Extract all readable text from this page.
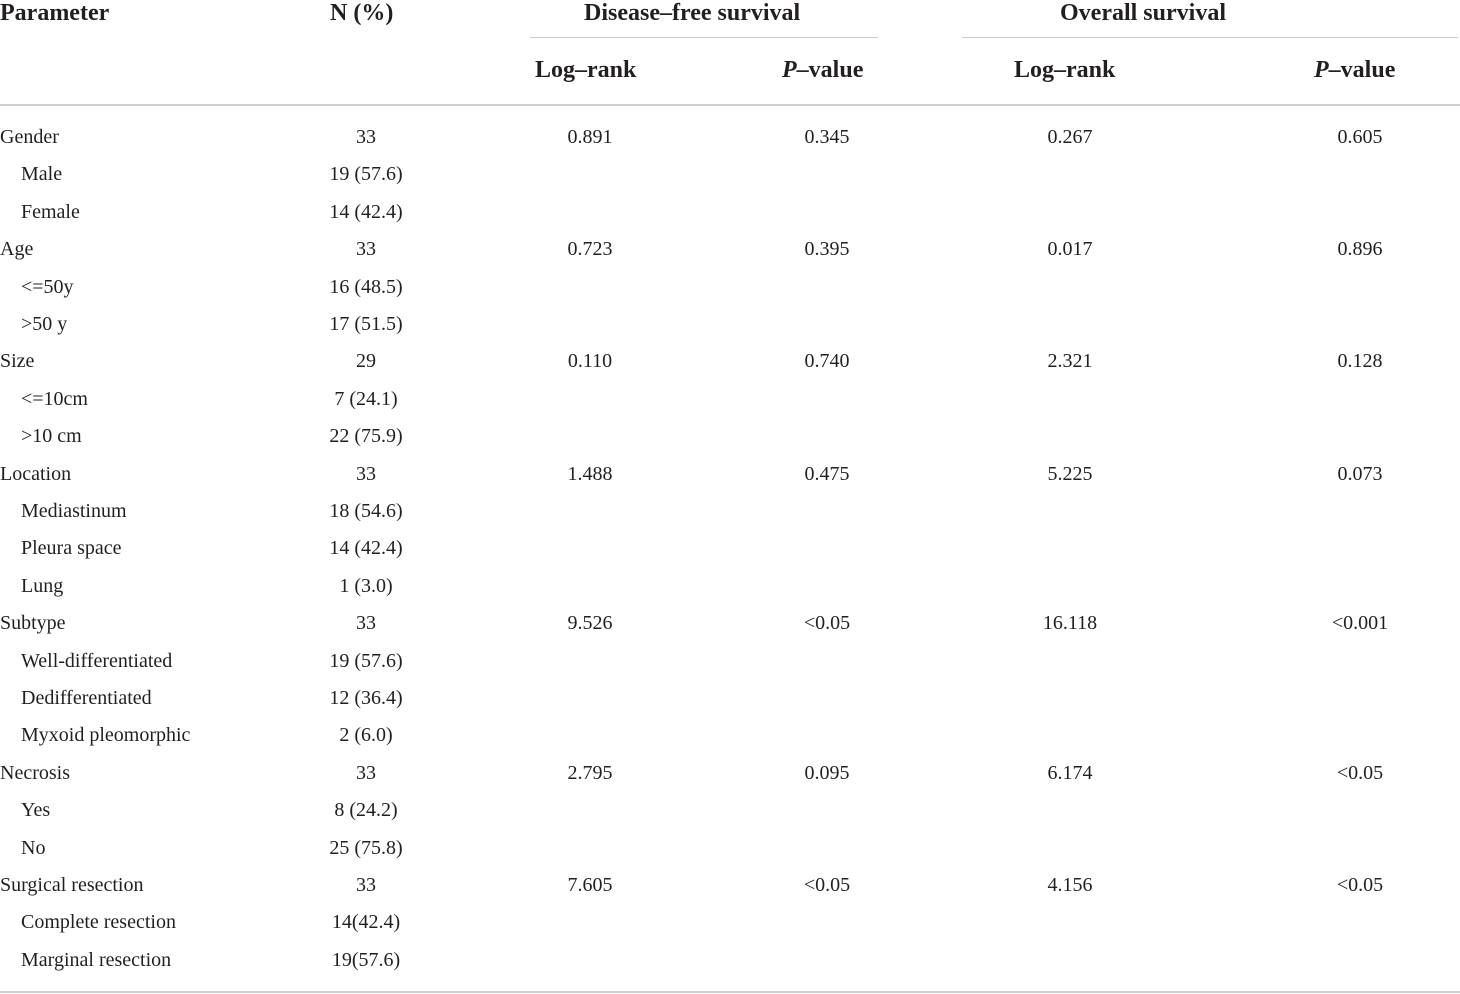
Parameter	N (%)	Disease–free survival	Overall survival
Log–rank	P–value	Log–rank	P–value
Gender	33	0.891	0.345	0.267	0.605
Male	19 (57.6)
Female	14 (42.4)
Age	33	0.723	0.395	0.017	0.896
<=50y	16 (48.5)
>50 y	17 (51.5)
Size	29	0.110	0.740	2.321	0.128
<=10cm	7 (24.1)
>10 cm	22 (75.9)
Location	33	1.488	0.475	5.225	0.073
Mediastinum	18 (54.6)
Pleura space	14 (42.4)
Lung	1 (3.0)
Subtype	33	9.526	<0.05	16.118	<0.001
Well-differentiated	19 (57.6)
Dedifferentiated	12 (36.4)
Myxoid pleomorphic	2 (6.0)
Necrosis	33	2.795	0.095	6.174	<0.05
Yes	8 (24.2)
No	25 (75.8)
Surgical resection	33	7.605	<0.05	4.156	<0.05
Complete resection	14(42.4)
Marginal resection	19(57.6)
